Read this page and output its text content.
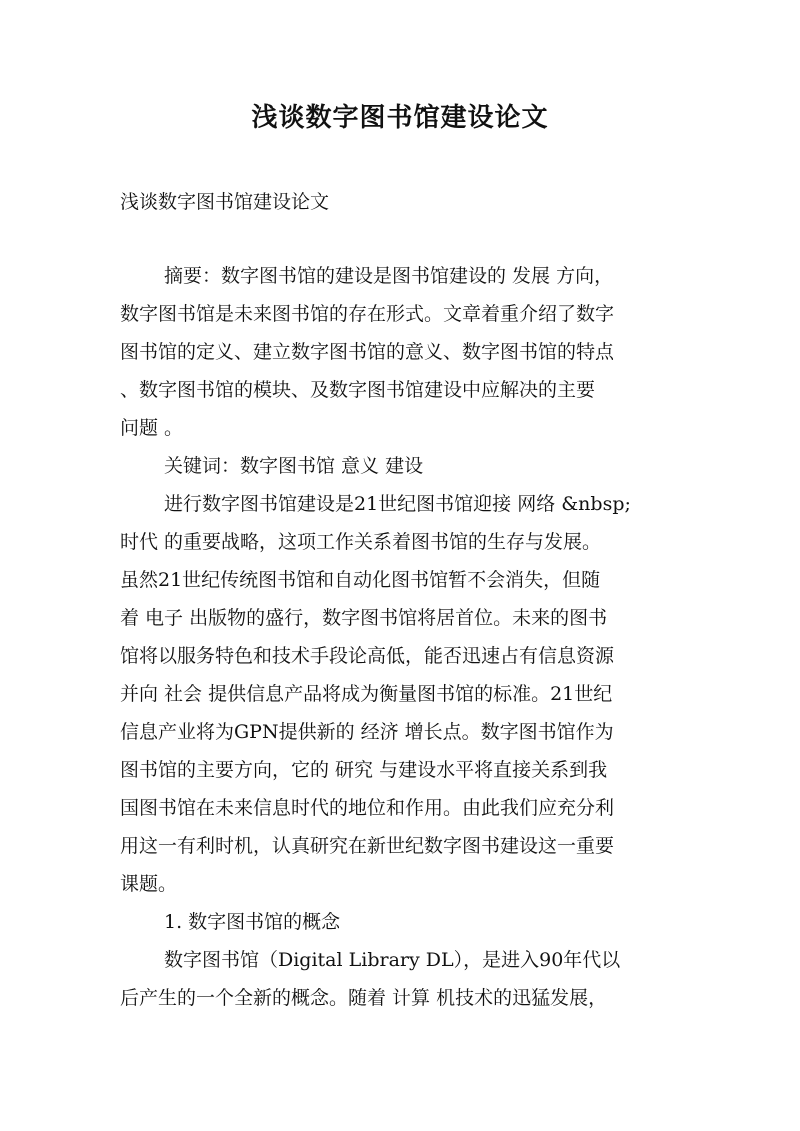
浅谈数字图书馆建设论文
浅谈数字图书馆建设论文
摘要：数字图书馆的建设是图书馆建设的 发展 方向，
数字图书馆是未来图书馆的存在形式。文章着重介绍了数字
图书馆的定义、建立数字图书馆的意义、数字图书馆的特点
、数字图书馆的模块、及数字图书馆建设中应解决的主要
问题 。
关键词：数字图书馆 意义 建设
进行数字图书馆建设是21世纪图书馆迎接 网络 &nbsp;
时代 的重要战略，这项工作关系着图书馆的生存与发展。
虽然21世纪传统图书馆和自动化图书馆暂不会消失，但随
着 电子 出版物的盛行，数字图书馆将居首位。未来的图书
馆将以服务特色和技术手段论高低，能否迅速占有信息资源
并向 社会 提供信息产品将成为衡量图书馆的标准。21世纪
信息产业将为GPN提供新的 经济 增长点。数字图书馆作为
图书馆的主要方向，它的 研究 与建设水平将直接关系到我
国图书馆在未来信息时代的地位和作用。由此我们应充分利
用这一有利时机，认真研究在新世纪数字图书建设这一重要
课题。
1. 数字图书馆的概念
数字图书馆（Digital Library DL），是进入90年代以
后产生的一个全新的概念。随着 计算 机技术的迅猛发展，
